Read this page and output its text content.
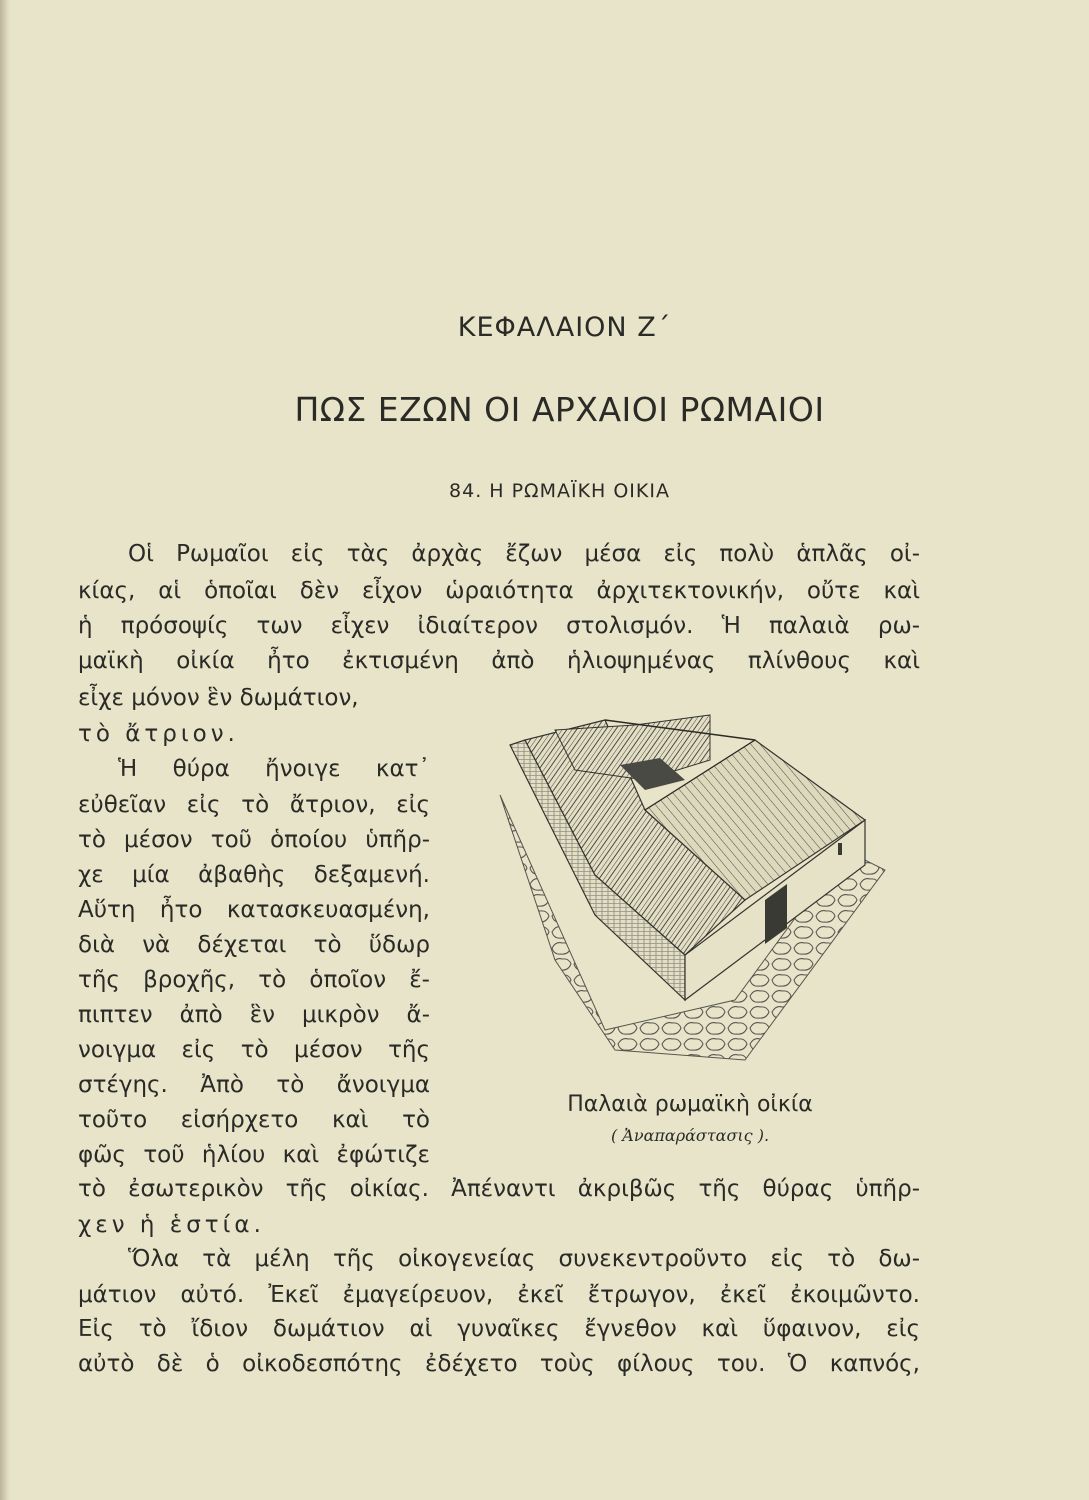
ΚΕΦΑΛΑΙΟΝ Ζ΄
ΠΩΣ ΕΖΩΝ ΟΙ ΑΡΧΑΙΟΙ ΡΩΜΑΙΟΙ
84. Η ΡΩΜΑΪΚΗ ΟΙΚΙΑ
Οἱ Ρωμαῖοι εἰς τὰς ἀρχὰς ἔζων μέσα εἰς πολὺ ἁπλᾶς οἰ-
κίας, αἱ ὁποῖαι δὲν εἶχον ὡραιότητα ἀρχιτεκτονικήν, οὔτε καὶ
ἡ πρόσοψίς των εἶχεν ἰδιαίτερον στολισμόν. Ἡ παλαιὰ ρω-
μαϊκὴ οἰκία ἦτο ἐκτισμένη ἀπὸ ἡλιοψημένας πλίνθους καὶ
εἶχε μόνον ἓν δωμάτιον,
τὸ ἄτριον.
Ἡ θύρα ἤνοιγε κατ᾽
εὐθεῖαν εἰς τὸ ἄτριον, εἰς
τὸ μέσον τοῦ ὁποίου ὑπῆρ-
χε μία ἀβαθὴς δεξαμενή.
Αὕτη ἦτο κατασκευασμένη,
διὰ νὰ δέχεται τὸ ὕδωρ
τῆς βροχῆς, τὸ ὁποῖον ἔ-
πιπτεν ἀπὸ ἓν μικρὸν ἄ-
νοιγμα εἰς τὸ μέσον τῆς
στέγης. Ἀπὸ τὸ ἄνοιγμα
τοῦτο εἰσήρχετο καὶ τὸ
φῶς τοῦ ἡλίου καὶ ἐφώτιζε
τὸ ἐσωτερικὸν τῆς οἰκίας. Ἀπέναντι ἀκριβῶς τῆς θύρας ὑπῆρ-
χεν ἡ ἑστία.
Ὅλα τὰ μέλη τῆς οἰκογενείας συνεκεντροῦντο εἰς τὸ δω-
μάτιον αὐτό. Ἐκεῖ ἐμαγείρευον, ἐκεῖ ἔτρωγον, ἐκεῖ ἐκοιμῶντο.
Εἰς τὸ ἴδιον δωμάτιον αἱ γυναῖκες ἔγνεθον καὶ ὕφαινον, εἰς
αὐτὸ δὲ ὁ οἰκοδεσπότης ἐδέχετο τοὺς φίλους του. Ὁ καπνός,
Παλαιὰ ρωμαϊκὴ οἰκία
( Ἀναπαράστασις ).
